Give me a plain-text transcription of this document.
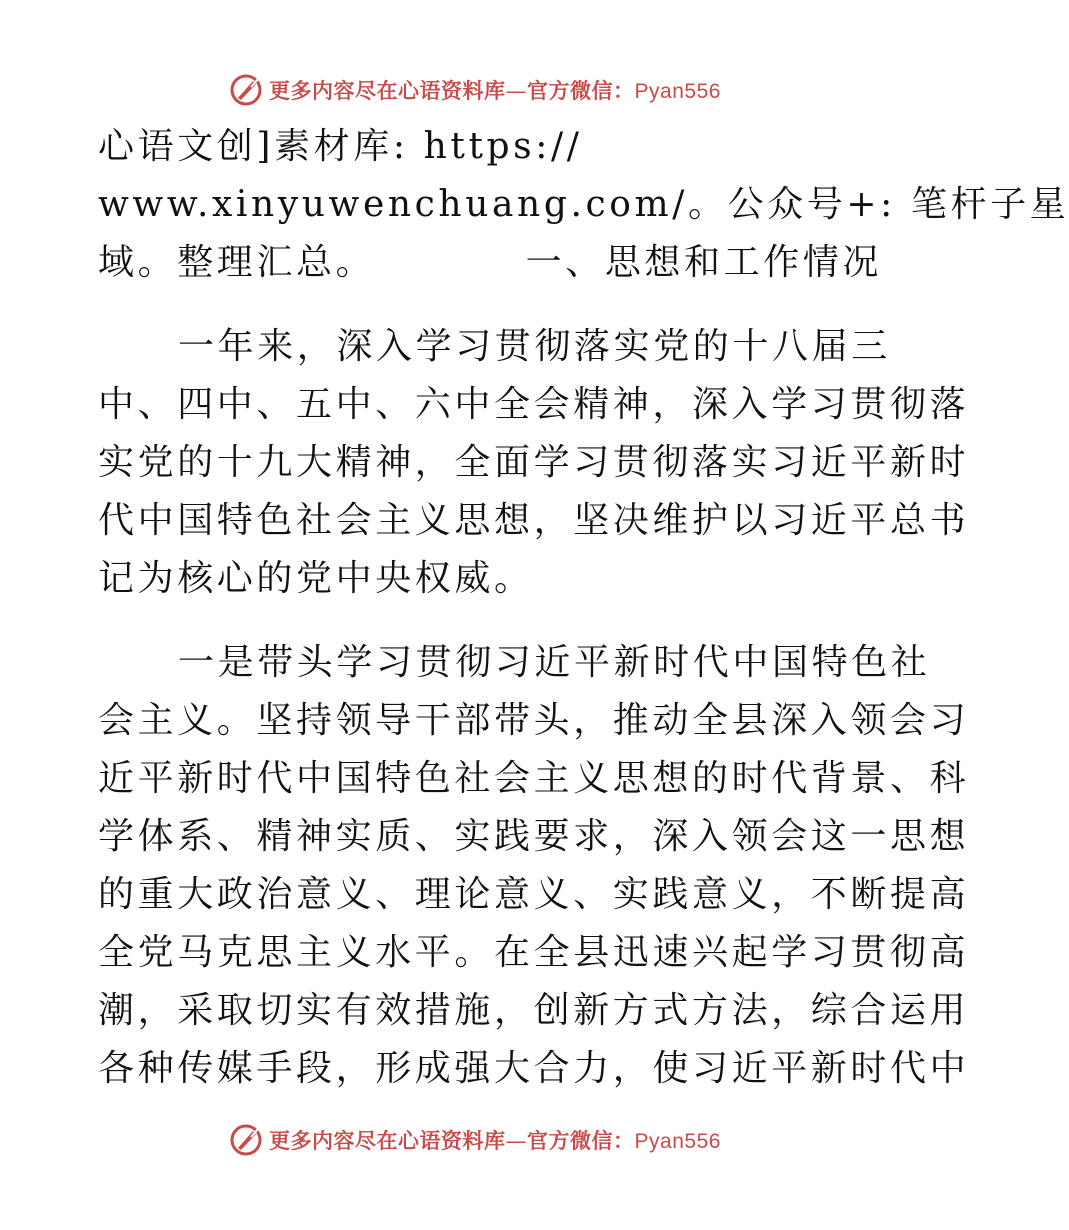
更多内容尽在心语资料库 — 官方微信： Pyan556
心语文创]素材库: https://
www.xinyuwenchuang.com/。公众号+: 笔杆子星
域。整理汇总。          一、思想和工作情况
一年来，深入学习贯彻落实党的十八届三
中、四中、五中、六中全会精神，深入学习贯彻落
实党的十九大精神，全面学习贯彻落实习近平新时
代中国特色社会主义思想，坚决维护以习近平总书
记为核心的党中央权威。
一是带头学习贯彻习近平新时代中国特色社
会主义。坚持领导干部带头，推动全县深入领会习
近平新时代中国特色社会主义思想的时代背景、科
学体系、精神实质、实践要求，深入领会这一思想
的重大政治意义、理论意义、实践意义，不断提高
全党马克思主义水平。在全县迅速兴起学习贯彻高
潮，采取切实有效措施，创新方式方法，综合运用
各种传媒手段，形成强大合力，使习近平新时代中
更多内容尽在心语资料库 — 官方微信： Pyan556
